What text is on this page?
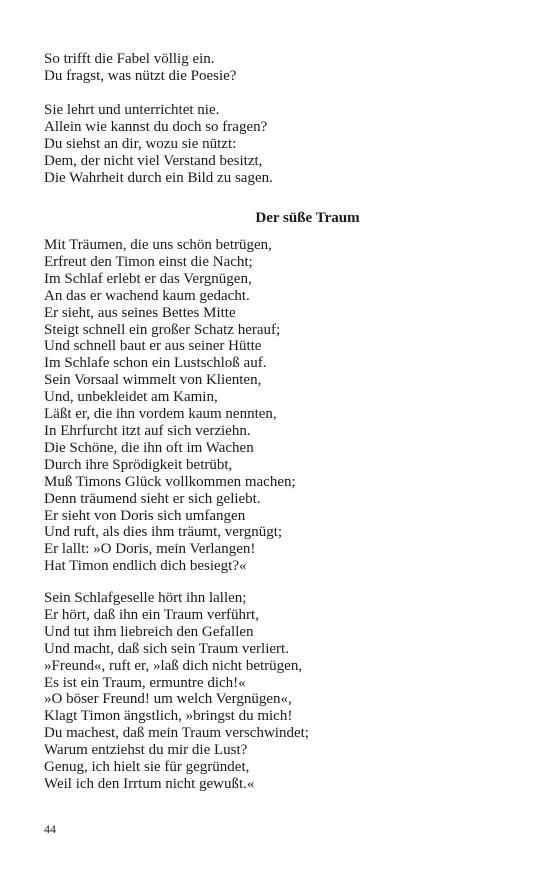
So trifft die Fabel völlig ein.
Du fragst, was nützt die Poesie?
Sie lehrt und unterrichtet nie.
Allein wie kannst du doch so fragen?
Du siehst an dir, wozu sie nützt:
Dem, der nicht viel Verstand besitzt,
Die Wahrheit durch ein Bild zu sagen.
Der süße Traum
Mit Träumen, die uns schön betrügen,
Erfreut den Timon einst die Nacht;
Im Schlaf erlebt er das Vergnügen,
An das er wachend kaum gedacht.
Er sieht, aus seines Bettes Mitte
Steigt schnell ein großer Schatz herauf;
Und schnell baut er aus seiner Hütte
Im Schlafe schon ein Lustschloß auf.
Sein Vorsaal wimmelt von Klienten,
Und, unbekleidet am Kamin,
Läßt er, die ihn vordem kaum nennten,
In Ehrfurcht itzt auf sich verziehn.
Die Schöne, die ihn oft im Wachen
Durch ihre Sprödigkeit betrübt,
Muß Timons Glück vollkommen machen;
Denn träumend sieht er sich geliebt.
Er sieht von Doris sich umfangen
Und ruft, als dies ihm träumt, vergnügt;
Er lallt: »O Doris, mein Verlangen!
Hat Timon endlich dich besiegt?«
Sein Schlafgeselle hört ihn lallen;
Er hört, daß ihn ein Traum verführt,
Und tut ihm liebreich den Gefallen
Und macht, daß sich sein Traum verliert.
»Freund«, ruft er, »laß dich nicht betrügen,
Es ist ein Traum, ermuntre dich!«
»O böser Freund! um welch Vergnügen«,
Klagt Timon ängstlich, »bringst du mich!
Du machest, daß mein Traum verschwindet;
Warum entziehst du mir die Lust?
Genug, ich hielt sie für gegründet,
Weil ich den Irrtum nicht gewußt.«
44
